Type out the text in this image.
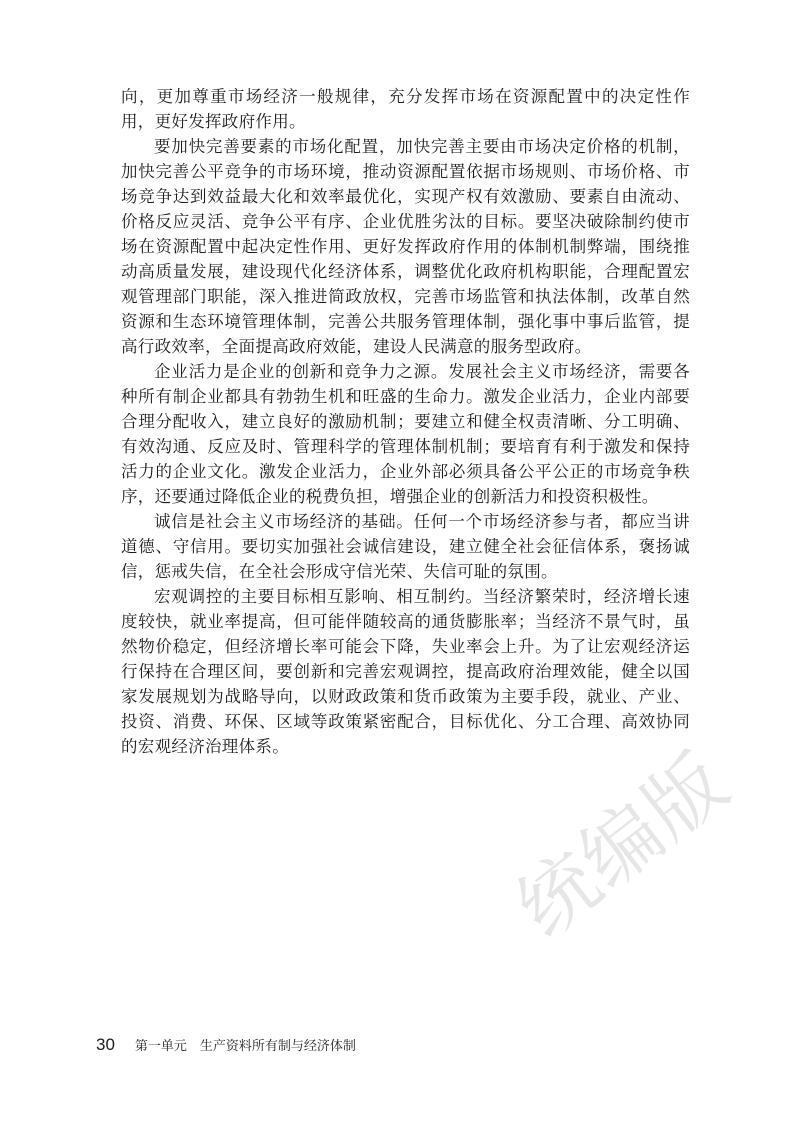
向，更加尊重市场经济一般规律，充分发挥市场在资源配置中的决定性作用，更好发挥政府作用。

要加快完善要素的市场化配置，加快完善主要由市场决定价格的机制，加快完善公平竞争的市场环境，推动资源配置依据市场规则、市场价格、市场竞争达到效益最大化和效率最优化，实现产权有效激励、要素自由流动、价格反应灵活、竞争公平有序、企业优胜劣汰的目标。要坚决破除制约使市场在资源配置中起决定性作用、更好发挥政府作用的体制机制弊端，围绕推动高质量发展，建设现代化经济体系，调整优化政府机构职能，合理配置宏观管理部门职能，深入推进简政放权，完善市场监管和执法体制，改革自然资源和生态环境管理体制，完善公共服务管理体制，强化事中事后监管，提高行政效率，全面提高政府效能，建设人民满意的服务型政府。

企业活力是企业的创新和竞争力之源。发展社会主义市场经济，需要各种所有制企业都具有勃勃生机和旺盛的生命力。激发企业活力，企业内部要合理分配收入，建立良好的激励机制；要建立和健全权责清晰、分工明确、有效沟通、反应及时、管理科学的管理体制机制；要培育有利于激发和保持活力的企业文化。激发企业活力，企业外部必须具备公平公正的市场竞争秩序，还要通过降低企业的税费负担，增强企业的创新活力和投资积极性。

诚信是社会主义市场经济的基础。任何一个市场经济参与者，都应当讲道德、守信用。要切实加强社会诚信建设，建立健全社会征信体系，褒扬诚信，惩戒失信，在全社会形成守信光荣、失信可耻的氛围。

宏观调控的主要目标相互影响、相互制约。当经济繁荣时，经济增长速度较快，就业率提高，但可能伴随较高的通货膨胀率；当经济不景气时，虽然物价稳定，但经济增长率可能会下降，失业率会上升。为了让宏观经济运行保持在合理区间，要创新和完善宏观调控，提高政府治理效能，健全以国家发展规划为战略导向，以财政政策和货币政策为主要手段，就业、产业、投资、消费、环保、区域等政策紧密配合，目标优化、分工合理、高效协同的宏观经济治理体系。	统编版
30 第一单元　生产资料所有制与经济体制
